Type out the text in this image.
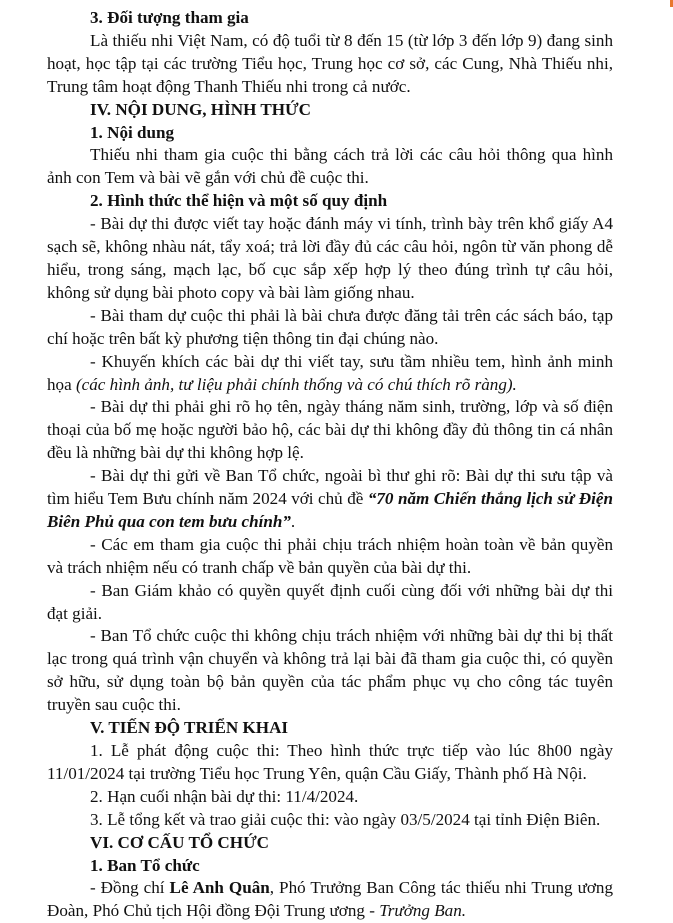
3. Đối tượng tham gia

Là thiếu nhi Việt Nam, có độ tuổi từ 8 đến 15 (từ lớp 3 đến lớp 9) đang sinh hoạt, học tập tại các trường Tiểu học, Trung học cơ sở, các Cung, Nhà Thiếu nhi, Trung tâm hoạt động Thanh Thiếu nhi trong cả nước.

IV. NỘI DUNG, HÌNH THỨC

1. Nội dung

Thiếu nhi tham gia cuộc thi bằng cách trả lời các câu hỏi thông qua hình ảnh con Tem và bài vẽ gắn với chủ đề cuộc thi.

2. Hình thức thể hiện và một số quy định

- Bài dự thi được viết tay hoặc đánh máy vi tính, trình bày trên khổ giấy A4 sạch sẽ, không nhàu nát, tẩy xoá; trả lời đầy đủ các câu hỏi, ngôn từ văn phong dễ hiểu, trong sáng, mạch lạc, bố cục sắp xếp hợp lý theo đúng trình tự câu hỏi, không sử dụng bài photo copy và bài làm giống nhau.

- Bài tham dự cuộc thi phải là bài chưa được đăng tải trên các sách báo, tạp chí hoặc trên bất kỳ phương tiện thông tin đại chúng nào.

- Khuyến khích các bài dự thi viết tay, sưu tầm nhiều tem, hình ảnh minh họa (các hình ảnh, tư liệu phải chính thống và có chú thích rõ ràng).

- Bài dự thi phải ghi rõ họ tên, ngày tháng năm sinh, trường, lớp và số điện thoại của bố mẹ hoặc người bảo hộ, các bài dự thi không đầy đủ thông tin cá nhân đều là những bài dự thi không hợp lệ.

- Bài dự thi gửi về Ban Tổ chức, ngoài bì thư ghi rõ: Bài dự thi sưu tập và tìm hiểu Tem Bưu chính năm 2024 với chủ đề “70 năm Chiến thắng lịch sử Điện Biên Phủ qua con tem bưu chính”.

- Các em tham gia cuộc thi phải chịu trách nhiệm hoàn toàn về bản quyền và trách nhiệm nếu có tranh chấp về bản quyền của bài dự thi.

- Ban Giám khảo có quyền quyết định cuối cùng đối với những bài dự thi đạt giải.

- Ban Tổ chức cuộc thi không chịu trách nhiệm với những bài dự thi bị thất lạc trong quá trình vận chuyển và không trả lại bài đã tham gia cuộc thi, có quyền sở hữu, sử dụng toàn bộ bản quyền của tác phẩm phục vụ cho công tác tuyên truyền sau cuộc thi.

V. TIẾN ĐỘ TRIỂN KHAI

1. Lễ phát động cuộc thi: Theo hình thức trực tiếp vào lúc 8h00 ngày 11/01/2024 tại trường Tiểu học Trung Yên, quận Cầu Giấy, Thành phố Hà Nội.

2. Hạn cuối nhận bài dự thi: 11/4/2024.

3. Lễ tổng kết và trao giải cuộc thi: vào ngày 03/5/2024 tại tỉnh Điện Biên.

VI. CƠ CẤU TỔ CHỨC

1. Ban Tổ chức

- Đồng chí Lê Anh Quân, Phó Trưởng Ban Công tác thiếu nhi Trung ương Đoàn, Phó Chủ tịch Hội đồng Đội Trung ương - Trưởng Ban.
